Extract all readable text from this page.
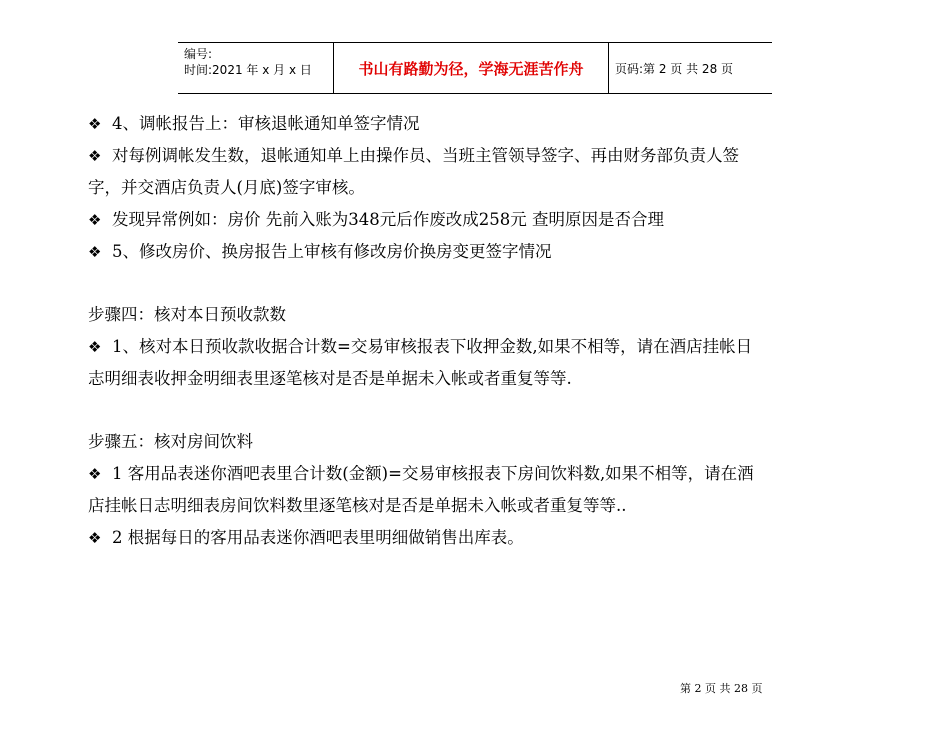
编号:
时间:2021 年 x 月 x 日	书山有路勤为径，学海无涯苦作舟	页码:第 2 页 共 28 页
❖ 4、调帐报告上：审核退帐通知单签字情况
❖ 对每例调帐发生数，退帐通知单上由操作员、当班主管领导签字、再由财务部负责人签
字，并交酒店负责人(月底)签字审核。
❖ 发现异常例如：房价 先前入账为348元后作废改成258元 查明原因是否合理
❖ 5、修改房价、换房报告上审核有修改房价换房变更签字情况
步骤四：核对本日预收款数
❖ 1、核对本日预收款收据合计数=交易审核报表下收押金数,如果不相等，请在酒店挂帐日
志明细表收押金明细表里逐笔核对是否是单据未入帐或者重复等等.
步骤五：核对房间饮料
❖ 1 客用品表迷你酒吧表里合计数(金额)=交易审核报表下房间饮料数,如果不相等，请在酒
店挂帐日志明细表房间饮料数里逐笔核对是否是单据未入帐或者重复等等..
❖ 2 根据每日的客用品表迷你酒吧表里明细做销售出库表。
第 2 页 共 28 页
